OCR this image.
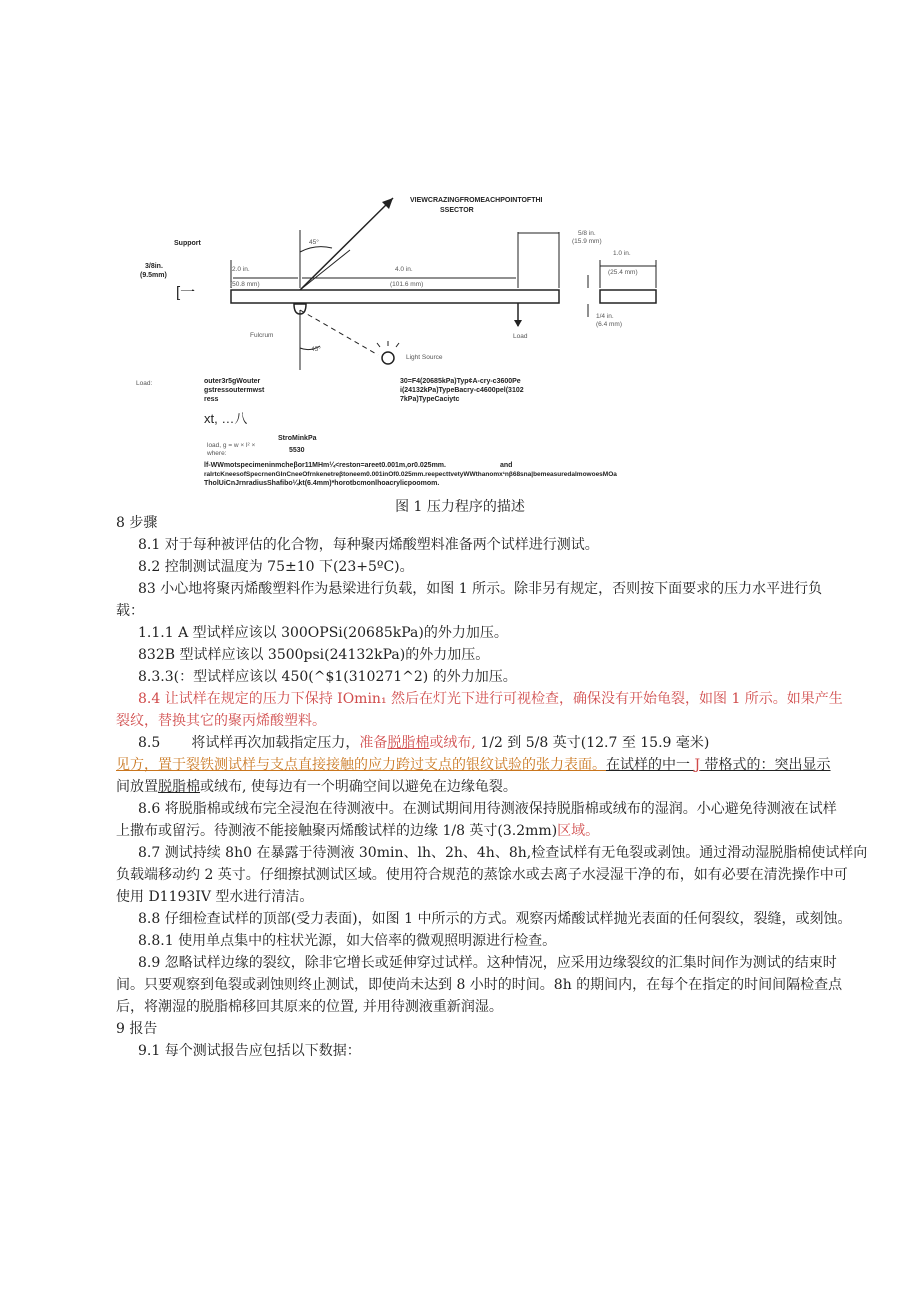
VIEWCRAZINGFROMEACHPOINTOFTHI
SSECTOR
Support
3/8in.
(9.5mm)
[一
2.0 in.
(50.8 mm)
4.0 in.
(101.6 mm)
5/8 in.
(15.9 mm)
1.0 in.
(25.4 mm)
1/4 in.
(6.4 mm)
45°
45°
Fulcrum
Light Source
Load
Load:	outer3r5gWouter
gstressoutermwst
ress
30=F4(20685kPa)Typ¢A-cry-c3600Pe
i(24132kPa)TypeBacry-c4600pel(3102
7kPa)TypeCaciytc
xt, …八
load, g = w × l² ×
where:
StroMinkPa
5530
lf-WWmotspecimeninmcheβor11MHm¼<reston=areet0.001m,or0.025mm.	and
raIrtcKneesofSpecrnenGInCneeOfrnkenetreβtoneem0.001inOf0.025mm.reepecttvetyWWthanomx¹nβ68sna|bemeasuredalmowoesMOa
TholUiCnJrnradiusShafibo¼kt(6.4mm)*horotbcmonlhoacrylicpoomom.
图 1 压力程序的描述
8 步骤
8.1 对于每种被评估的化合物，每种聚丙烯酸塑料准备两个试样进行测试。
8.2 控制测试温度为 75±10 下(23+5ºC)。
83 小心地将聚丙烯酸塑料作为悬梁进行负载，如图 1 所示。除非另有规定，否则按下面要求的压力水平进行负
载：
1.1.1 A 型试样应该以 300OPSi(20685kPa)的外力加压。
832B 型试样应该以 3500psi(24132kPa)的外力加压。
8.3.3(：型试样应该以 450(^$1(310271^2) 的外力加压。
8.4 让试样在规定的压力下保持 IOmin₁ 然后在灯光下进行可视检查，确保没有开始龟裂，如图 1 所示。如果产生
裂纹，替换其它的聚丙烯酸塑料。
8.5 将试样再次加载指定压力，准备脱脂棉或绒布, 1/2 到 5/8 英寸(12.7 至 15.9 毫米)
见方，置于裂铁测试样与支点直接接触的应力跨过支点的银纹试验的张力表面。在试样的中一 J 带格式的：突出显示
间放置脱脂棉或绒布, 使每边有一个明确空间以避免在边缘龟裂。
8.6 将脱脂棉或绒布完全浸泡在待测液中。在测试期间用待测液保持脱脂棉或绒布的湿润。小心避免待测液在试样
上撒布或留污。待测液不能接触聚丙烯酸试样的边缘 1/8 英寸(3.2mm)区域。
8.7 测试持续 8h0 在暴露于待测液 30min、lh、2h、4h、8h,检查试样有无龟裂或剥蚀。通过滑动湿脱脂棉使试样向
负载端移动约 2 英寸。仔细擦拭测试区域。使用符合规范的蒸馀水或去离子水浸湿干净的布，如有必要在清洗操作中可
使用 D1193IV 型水进行清洁。
8.8 仔细检查试样的顶部(受力表面)，如图 1 中所示的方式。观察丙烯酸试样抛光表面的任何裂纹，裂缝，或刻蚀。
8.8.1 使用单点集中的柱状光源，如大倍率的微观照明源进行检查。
8.9 忽略试样边缘的裂纹，除非它增长或延伸穿过试样。这种情况，应采用边缘裂纹的汇集时间作为测试的结束时
间。只要观察到龟裂或剥蚀则终止测试，即使尚未达到 8 小时的时间。8h 的期间内，在每个在指定的时间间隔检查点
后，将潮湿的脱脂棉移回其原来的位置, 并用待测液重新润湿。
9 报告
9.1 每个测试报告应包括以下数据：
